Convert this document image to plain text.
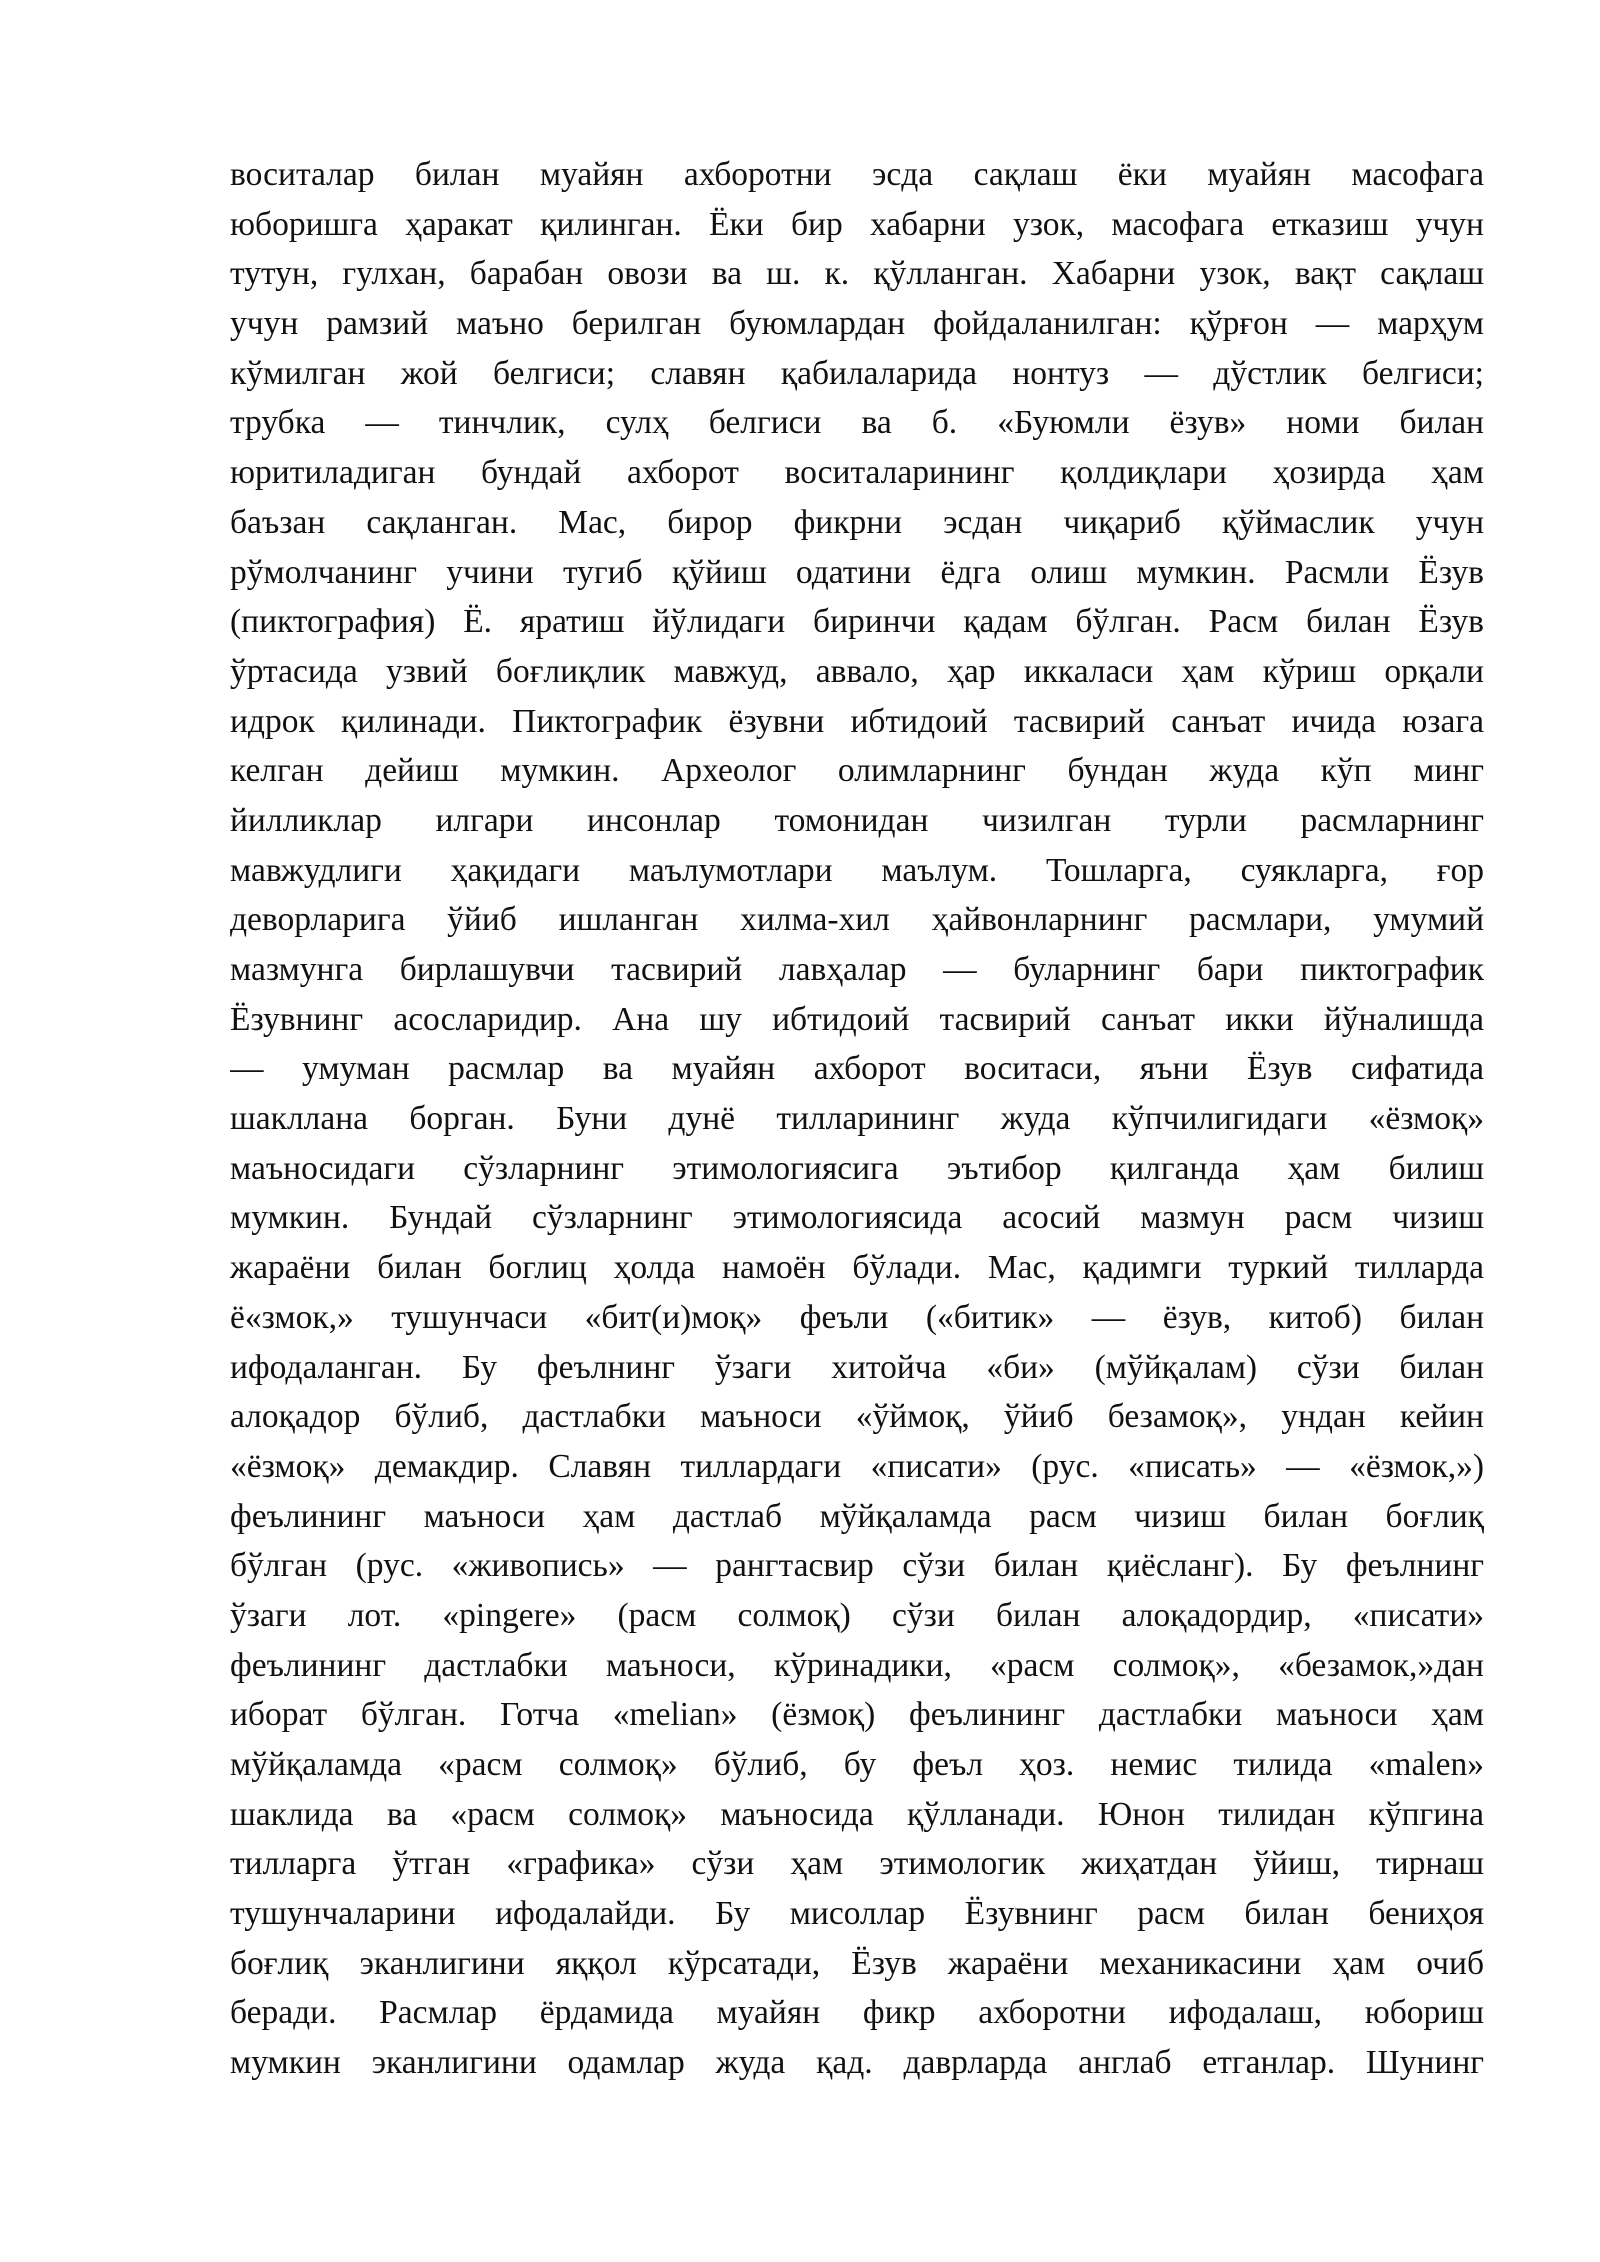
воситалар билан муайян ахборотни эсда сақлаш ёки муайян масофага
юборишга ҳаракат қилинган. Ёки бир хабарни узок, масофага етказиш учун
тутун, гулхан, барабан овози ва ш. к. қўлланган. Хабарни узок, вақт сақлаш
учун рамзий маъно берилган буюмлардан фойдаланилган: қўрғон — марҳум
кўмилган жой белгиси; славян қабилаларида нонтуз — дўстлик белгиси;
трубка — тинчлик, сулҳ белгиси ва б. «Буюмли ёзув» номи билан
юритиладиган бундай ахборот воситаларининг қолдиқлари ҳозирда ҳам
баъзан сақланган. Мас, бирор фикрни эсдан чиқариб қўймаслик учун
рўмолчанинг учини тугиб қўйиш одатини ёдга олиш мумкин. Расмли Ёзув
(пиктография) Ё. яратиш йўлидаги биринчи қадам бўлган. Расм билан Ёзув
ўртасида узвий боғлиқлик мавжуд, аввало, ҳар иккаласи ҳам кўриш орқали
идрок қилинади. Пиктографик ёзувни ибтидоий тасвирий санъат ичида юзага
келган дейиш мумкин. Археолог олимларнинг бундан жуда кўп минг
йилликлар илгари инсонлар томонидан чизилган турли расмларнинг
мавжудлиги ҳақидаги маълумотлари маълум. Тошларга, суякларга, ғор
деворларига ўйиб ишланган хилма-хил ҳайвонларнинг расмлари, умумий
мазмунга бирлашувчи тасвирий лавҳалар — буларнинг бари пиктографик
Ёзувнинг асосларидир. Ана шу ибтидоий тасвирий санъат икки йўналишда
— умуман расмлар ва муайян ахборот воситаси, яъни Ёзув сифатида
шакллана борган. Буни дунё тилларининг жуда кўпчилигидаги «ёзмоқ»
маъносидаги сўзларнинг этимологиясига эътибор қилганда ҳам билиш
мумкин. Бундай сўзларнинг этимологиясида асосий мазмун расм чизиш
жараёни билан боглиц ҳолда намоён бўлади. Мас, қадимги туркий тилларда
ё«змок,» тушунчаси «бит(и)моқ» феъли («битик» — ёзув, китоб) билан
ифодаланган. Бу феълнинг ўзаги хитойча «би» (мўйқалам) сўзи билан
алоқадор бўлиб, дастлабки маъноси «ўймоқ, ўйиб безамоқ», ундан кейин
«ёзмоқ» демакдир. Славян тиллардаги «писати» (рус. «писать» — «ёзмок,»)
феълининг маъноси ҳам дастлаб мўйқаламда расм чизиш билан боғлиқ
бўлган (рус. «живопись» — рангтасвир сўзи билан қиёсланг). Бу феълнинг
ўзаги лот. «pingere» (расм солмоқ) сўзи билан алоқадордир, «писати»
феълининг дастлабки маъноси, кўринадики, «расм солмоқ», «безамок,»дан
иборат бўлган. Готча «melian» (ёзмоқ) феълининг дастлабки маъноси ҳам
мўйқаламда «расм солмоқ» бўлиб, бу феъл ҳоз. немис тилида «malen»
шаклида ва «расм солмоқ» маъносида қўлланади. Юнон тилидан кўпгина
тилларга ўтган «графика» сўзи ҳам этимологик жиҳатдан ўйиш, тирнаш
тушунчаларини ифодалайди. Бу мисоллар Ёзувнинг расм билан бениҳоя
боғлиқ эканлигини яққол кўрсатади, Ёзув жараёни механикасини ҳам очиб
беради. Расмлар ёрдамида муайян фикр ахборотни ифодалаш, юбориш
мумкин эканлигини одамлар жуда қад. даврларда англаб етганлар. Шунинг
